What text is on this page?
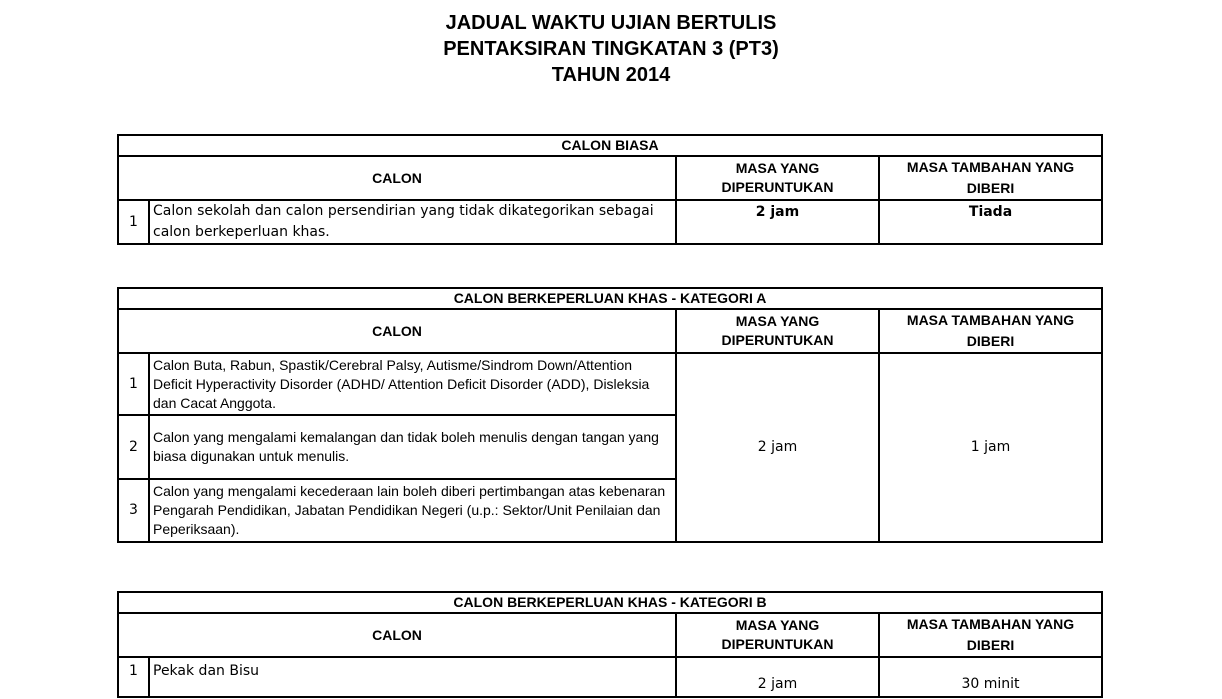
JADUAL WAKTU UJIAN BERTULIS
PENTAKSIRAN TINGKATAN 3 (PT3)
TAHUN 2014
CALON BIASA			
CALON		MASA YANG DIPERUNTUKAN	MASA TAMBAHAN YANG DIBERI
1	Calon sekolah dan calon persendirian yang tidak dikategorikan sebagai calon berkeperluan khas.	2 jam	Tiada
CALON BERKEPERLUAN KHAS - KATEGORI A			
CALON		MASA YANG DIPERUNTUKAN	MASA TAMBAHAN YANG DIBERI
1	Calon Buta, Rabun, Spastik/Cerebral Palsy, Autisme/Sindrom Down/Attention Deficit Hyperactivity Disorder (ADHD/ Attention Deficit Disorder (ADD), Disleksia dan Cacat Anggota.	2 jam	1 jam
2	Calon yang mengalami kemalangan dan tidak boleh menulis dengan tangan yang biasa digunakan untuk menulis.		
3	Calon yang mengalami kecederaan lain boleh diberi pertimbangan atas kebenaran Pengarah Pendidikan, Jabatan Pendidikan Negeri (u.p.: Sektor/Unit Penilaian dan Peperiksaan).		
CALON BERKEPERLUAN KHAS - KATEGORI B			
CALON		MASA YANG DIPERUNTUKAN	MASA TAMBAHAN YANG DIBERI
1	Pekak dan Bisu	2 jam	30 minit
